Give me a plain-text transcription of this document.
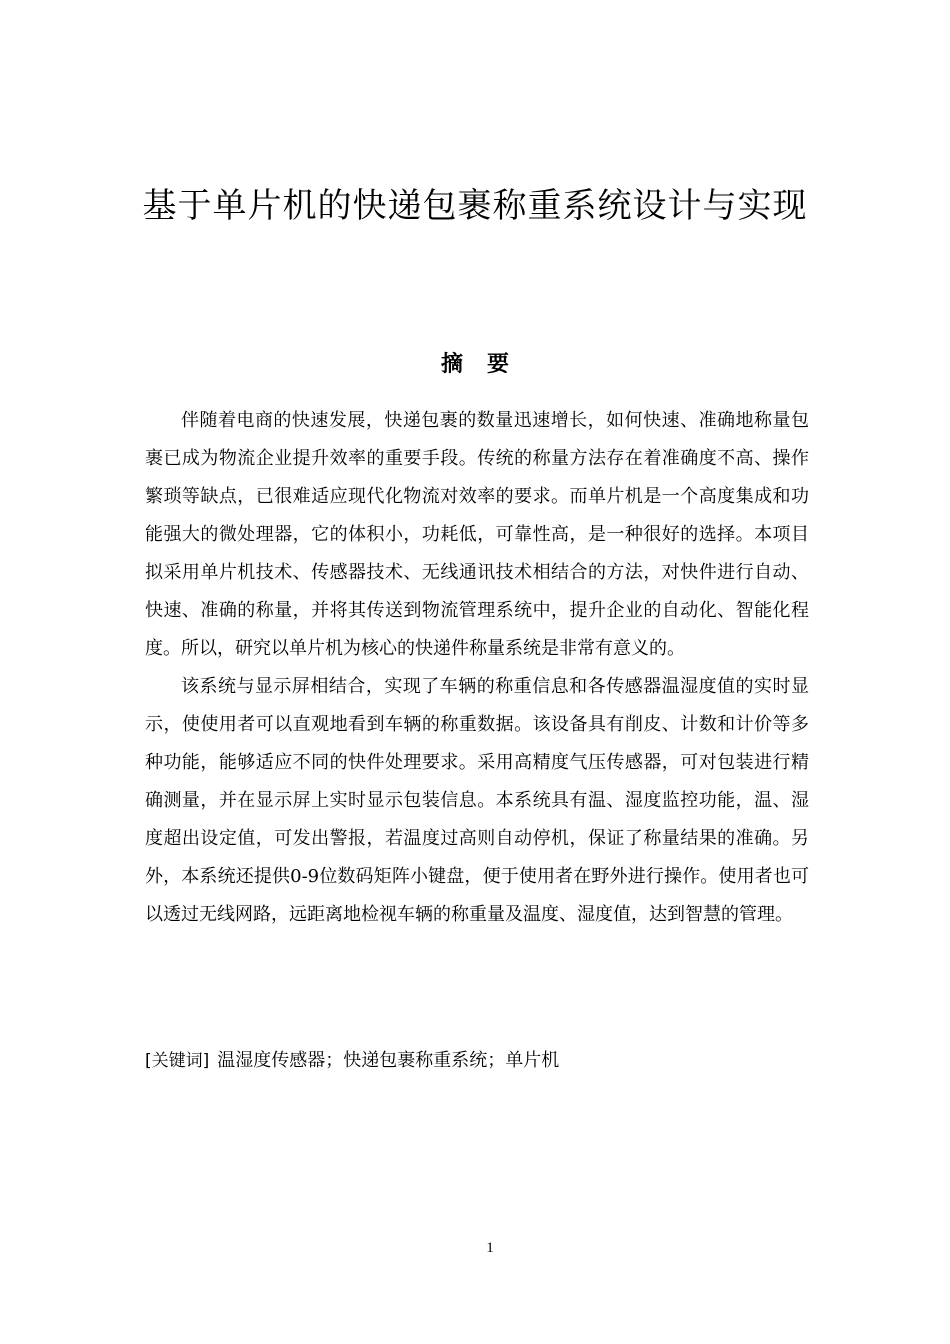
基于单片机的快递包裹称重系统设计与实现
摘要

伴随着电商的快速发展，快递包裹的数量迅速增长，如何快速、准确地称量包裹已成为物流企业提升效率的重要手段。传统的称量方法存在着准确度不高、操作繁琐等缺点，已很难适应现代化物流对效率的要求。而单片机是一个高度集成和功能强大的微处理器，它的体积小，功耗低，可靠性高，是一种很好的选择。本项目拟采用单片机技术、传感器技术、无线通讯技术相结合的方法，对快件进行自动、快速、准确的称量，并将其传送到物流管理系统中，提升企业的自动化、智能化程度。所以，研究以单片机为核心的快递件称量系统是非常有意义的。

该系统与显示屏相结合，实现了车辆的称重信息和各传感器温湿度值的实时显示，使使用者可以直观地看到车辆的称重数据。该设备具有削皮、计数和计价等多种功能，能够适应不同的快件处理要求。采用高精度气压传感器，可对包装进行精确测量，并在显示屏上实时显示包装信息。本系统具有温、湿度监控功能，温、湿度超出设定值，可发出警报，若温度过高则自动停机，保证了称量结果的准确。另外，本系统还提供0-9位数码矩阵小键盘，便于使用者在野外进行操作。使用者也可以透过无线网路，远距离地检视车辆的称重量及温度、湿度值，达到智慧的管理。

[关键词] 温湿度传感器；快递包裹称重系统；单片机
1
